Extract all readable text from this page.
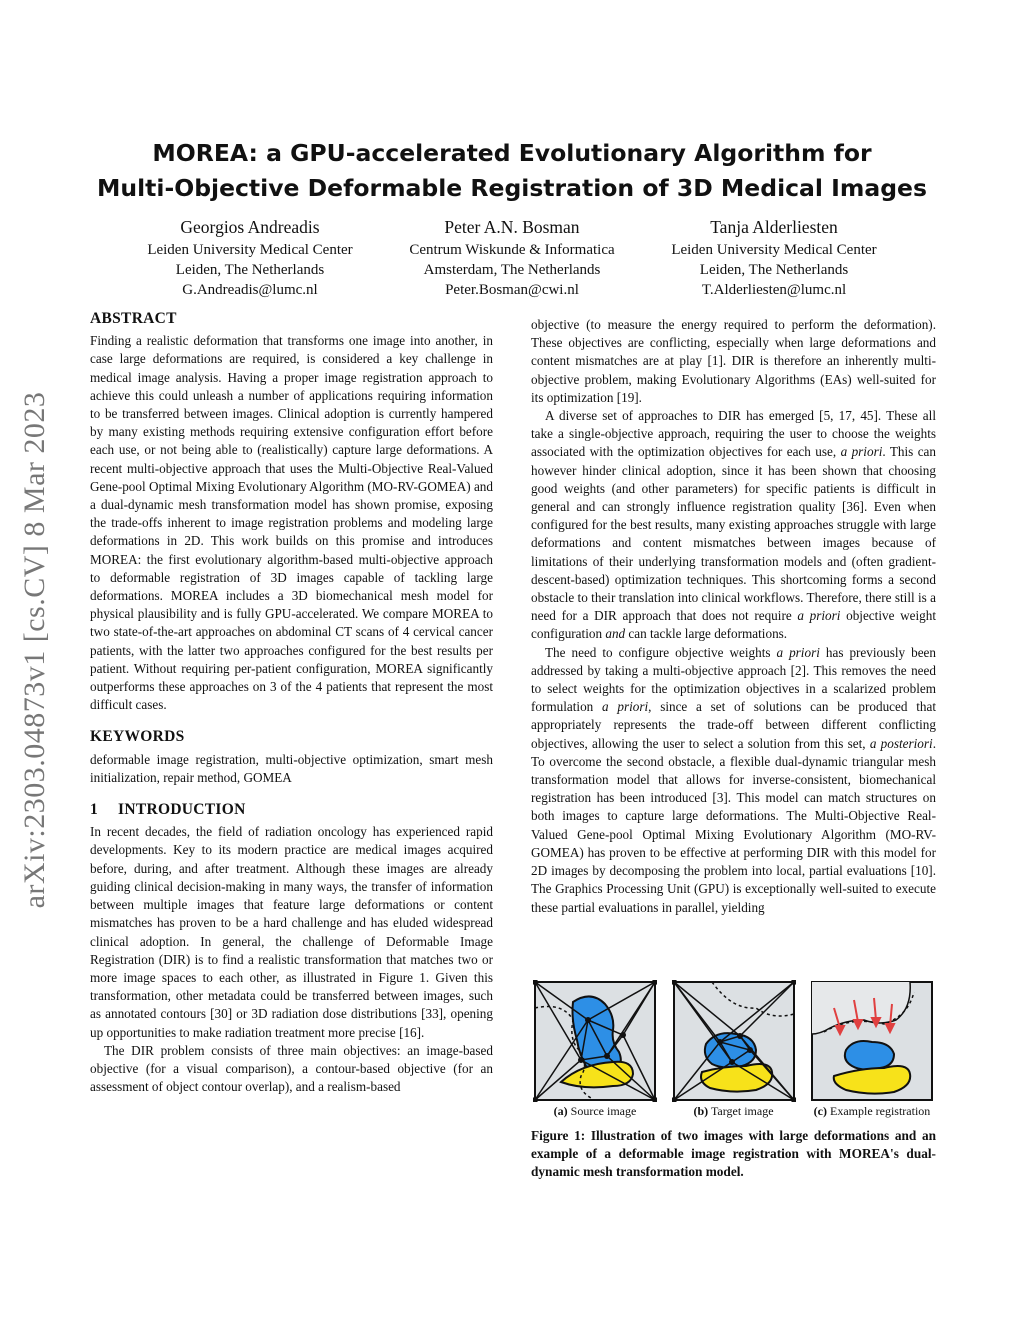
arXiv:2303.04873v1 [cs.CV] 8 Mar 2023
MOREA: a GPU-accelerated Evolutionary Algorithm for
Multi-Objective Deformable Registration of 3D Medical Images
Georgios Andreadis
Leiden University Medical Center
Leiden, The Netherlands
G.Andreadis@lumc.nl
Peter A.N. Bosman
Centrum Wiskunde & Informatica
Amsterdam, The Netherlands
Peter.Bosman@cwi.nl
Tanja Alderliesten
Leiden University Medical Center
Leiden, The Netherlands
T.Alderliesten@lumc.nl
ABSTRACT

Finding a realistic deformation that transforms one image into another, in case large deformations are required, is considered a key challenge in medical image analysis. Having a proper image registration approach to achieve this could unleash a number of applications requiring information to be transferred between images. Clinical adoption is currently hampered by many existing methods requiring extensive configuration effort before each use, or not being able to (realistically) capture large deformations. A recent multi-objective approach that uses the Multi-Objective Real-Valued Gene-pool Optimal Mixing Evolutionary Algorithm (MO-RV-GOMEA) and a dual-dynamic mesh transformation model has shown promise, exposing the trade-offs inherent to image registration problems and modeling large deformations in 2D. This work builds on this promise and introduces MOREA: the first evolutionary algorithm-based multi-objective approach to deformable registration of 3D images capable of tackling large deformations. MOREA includes a 3D biomechanical mesh model for physical plausibility and is fully GPU-accelerated. We compare MOREA to two state-of-the-art approaches on abdominal CT scans of 4 cervical cancer patients, with the latter two approaches configured for the best results per patient. Without requiring per-patient configuration, MOREA significantly outperforms these approaches on 3 of the 4 patients that represent the most difficult cases.

KEYWORDS

deformable image registration, multi-objective optimization, smart mesh initialization, repair method, GOMEA

1 INTRODUCTION

In recent decades, the field of radiation oncology has experienced rapid developments. Key to its modern practice are medical images acquired before, during, and after treatment. Although these images are already guiding clinical decision-making in many ways, the transfer of information between multiple images that feature large deformations or content mismatches has proven to be a hard challenge and has eluded widespread clinical adoption. In general, the challenge of Deformable Image Registration (DIR) is to find a realistic transformation that matches two or more image spaces to each other, as illustrated in Figure 1. Given this transformation, other metadata could be transferred between images, such as annotated contours [30] or 3D radiation dose distributions [33], opening up opportunities to make radiation treatment more precise [16].

The DIR problem consists of three main objectives: an image-based objective (for a visual comparison), a contour-based objective (for an assessment of object contour overlap), and a realism-based

objective (to measure the energy required to perform the deformation). These objectives are conflicting, especially when large deformations and content mismatches are at play [1]. DIR is therefore an inherently multi-objective problem, making Evolutionary Algorithms (EAs) well-suited for its optimization [19].

A diverse set of approaches to DIR has emerged [5, 17, 45]. These all take a single-objective approach, requiring the user to choose the weights associated with the optimization objectives for each use, a priori. This can however hinder clinical adoption, since it has been shown that choosing good weights (and other parameters) for specific patients is difficult in general and can strongly influence registration quality [36]. Even when configured for the best results, many existing approaches struggle with large deformations and content mismatches between images because of limitations of their underlying transformation models and (often gradient-descent-based) optimization techniques. This shortcoming forms a second obstacle to their translation into clinical workflows. Therefore, there still is a need for a DIR approach that does not require a priori objective weight configuration and can tackle large deformations.

The need to configure objective weights a priori has previously been addressed by taking a multi-objective approach [2]. This removes the need to select weights for the optimization objectives in a scalarized problem formulation a priori, since a set of solutions can be produced that appropriately represents the trade-off between different conflicting objectives, allowing the user to select a solution from this set, a posteriori. To overcome the second obstacle, a flexible dual-dynamic triangular mesh transformation model that allows for inverse-consistent, biomechanical registration has been introduced [3]. This model can match structures on both images to capture large deformations. The Multi-Objective Real-Valued Gene-pool Optimal Mixing Evolutionary Algorithm (MO-RV-GOMEA) has proven to be effective at performing DIR with this model for 2D images by decomposing the problem into local, partial evaluations [10]. The Graphics Processing Unit (GPU) is exceptionally well-suited to execute these partial evaluations in parallel, yielding

(a) Source image	(b) Target image	(c) Example registration
Figure 1: Illustration of two images with large deformations and an example of a deformable image registration with MOREA's dual-dynamic mesh transformation model.
